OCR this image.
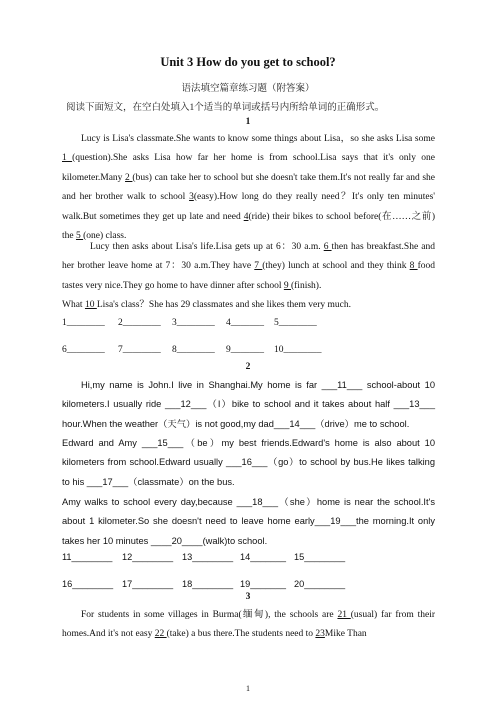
Unit 3 How do you get to school?
语法填空篇章练习题（附答案）
阅读下面短文，在空白处填入1个适当的单词或括号内所给单词的正确形式。
1

Lucy is Lisa's classmate.She wants to know some things about Lisa，so she asks Lisa some 1 (question).She asks Lisa how far her home is from school.Lisa says that it's only one kilometer.Many 2 (bus) can take her to school but she doesn't take them.It's not really far and she and her brother walk to school 3(easy).How long do they really need？It's only ten minutes' walk.But sometimes they get up late and need 4(ride) their bikes to school before(在……之前) the 5 (one) class.

Lucy then asks about Lisa's life.Lisa gets up at 6：30 a.m. 6 then has breakfast.She and her brother leave home at 7：30 a.m.They have 7 (they) lunch at school and they think 8 food tastes very nice.They go home to have dinner after school 9 (finish).

What 10 Lisa's class？She has 29 classmates and she likes them very much.

1________ 2________ 3________ 4_______ 5________
6________ 7________ 8________ 9_______ 10________
2

Hi,my name is John.I live in Shanghai.My home is far ___11___ school-about 10 kilometers.I usually ride ___12___（I）bike to school and it takes about half ___13___ hour.When the weather（天气）is not good,my dad___14___（drive）me to school.

Edward and Amy ___15___（be）my best friends.Edward's home is also about 10 kilometers from school.Edward usually ___16___（go）to school by bus.He likes talking to his ___17___（classmate）on the bus.

Amy walks to school every day,because ___18___（she）home is near the school.It's about 1 kilometer.So she doesn't need to leave home early___19___the morning.It only takes her 10 minutes ____20____(walk)to school.

11________ 12________ 13________ 14_______ 15________
16________ 17________ 18________ 19_______ 20________
3

For students in some villages in Burma(缅甸), the schools are 21 (usual) far from their homes.And it's not easy 22 (take) a bus there.The students need to 23Mike Than

1
